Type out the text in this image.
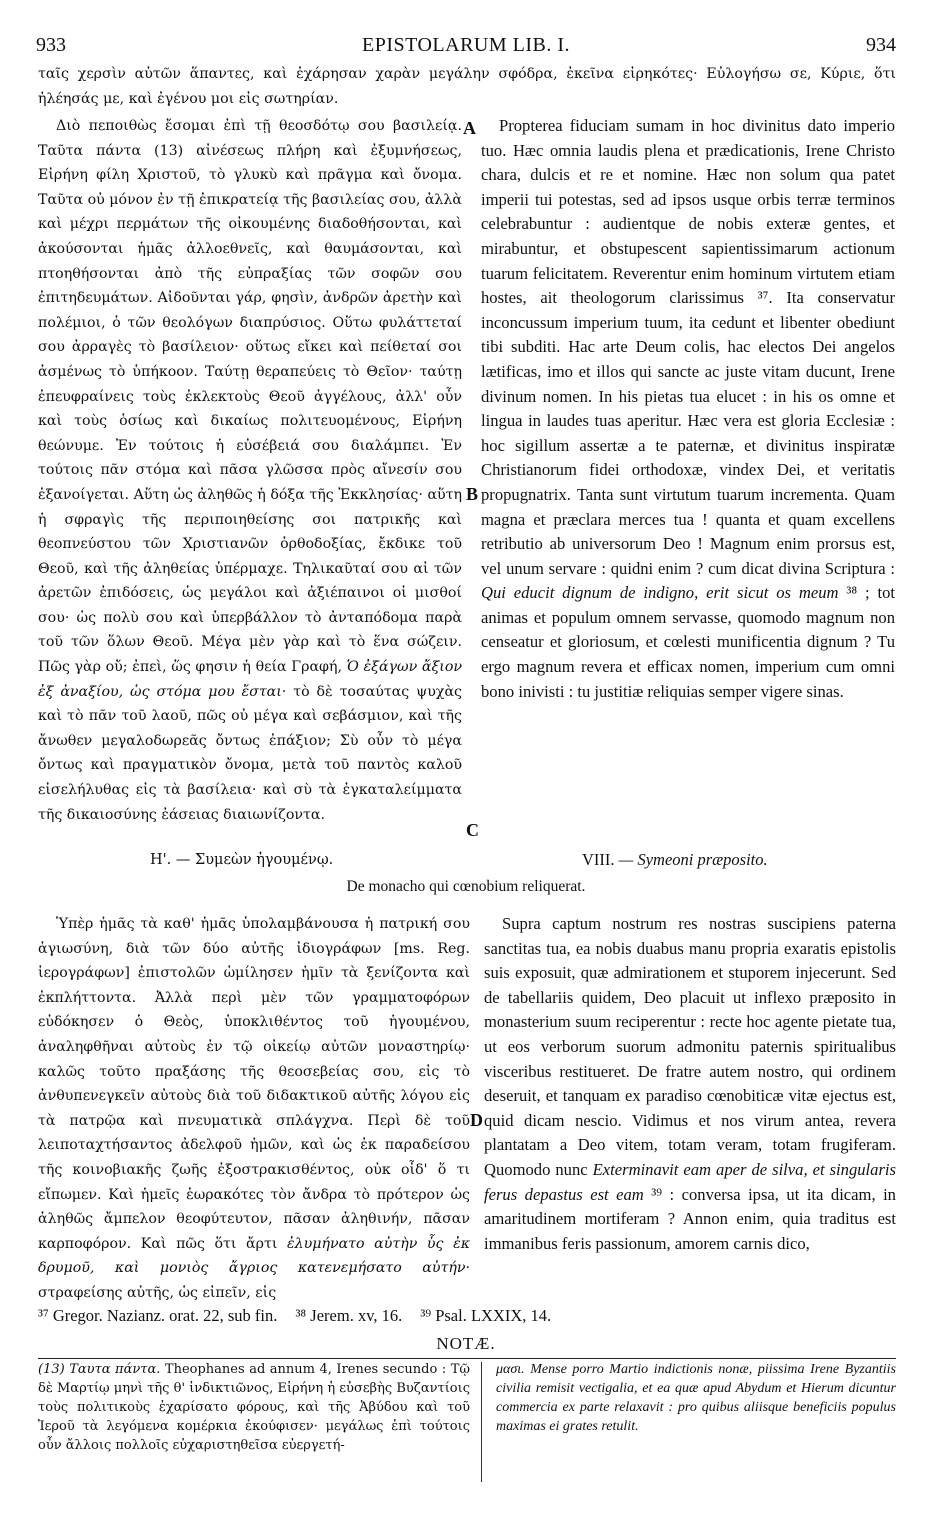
933	EPISTOLARUM LIB. I.	934

ταῖς χερσὶν αὐτῶν ἅπαντες, καὶ ἐχάρησαν χαρὰν μεγάλην σφόδρα, ἐκεῖνα εἰρηκότες· Εὐλογήσω σε, Κύριε, ὅτι ἠλέησάς με, καὶ ἐγένου μοι εἰς σωτηρίαν.

Διὸ πεποιθὼς ἔσομαι ἐπὶ τῇ θεοσδότῳ σου βασιλείᾳ. Ταῦτα πάντα (13) αἰνέσεως πλήρη καὶ ἐξυμνήσεως, Εἰρήνη φίλη Χριστοῦ, τὸ γλυκὺ καὶ πρᾶγμα καὶ ὄνομα. Ταῦτα οὐ μόνον ἐν τῇ ἐπικρατείᾳ τῆς βασιλείας σου, ἀλλὰ καὶ μέχρι περμάτων τῆς οἰκουμένης διαδοθήσονται, καὶ ἀκούσονται ἡμᾶς ἀλλοεθνεῖς, καὶ θαυμάσονται, καὶ πτοηθήσονται ἀπὸ τῆς εὐπραξίας τῶν σοφῶν σου ἐπιτηδευμάτων. Αἰδοῦνται γάρ, φησὶν, ἀνδρῶν ἀρετὴν καὶ πολέμιοι, ὁ τῶν θεολόγων διαπρύσιος. Οὕτω φυλάττεταί σου ἀρραγὲς τὸ βασίλειον· οὕτως εἴκει καὶ πείθεταί σοι ἀσμένως τὸ ὑπήκοον. Ταύτῃ θεραπεύεις τὸ Θεῖον· ταύτῃ ἐπευφραίνεις τοὺς ἐκλεκτοὺς Θεοῦ ἀγγέλους, ἀλλ' οὖν καὶ τοὺς ὁσίως καὶ δικαίως πολιτευομένους, Εἰρήνη θεώνυμε. Ἐν τούτοις ἡ εὐσέβειά σου διαλάμπει. Ἐν τούτοις πᾶν στόμα καὶ πᾶσα γλῶσσα πρὸς αἴνεσίν σου ἐξανοίγεται. Αὕτη ὡς ἀληθῶς ἡ δόξα τῆς Ἐκκλησίας· αὕτη ἡ σφραγὶς τῆς περιποιηθείσης σοι πατρικῆς καὶ θεοπνεύστου τῶν Χριστιανῶν ὀρθοδοξίας, ἔκδικε τοῦ Θεοῦ, καὶ τῆς ἀληθείας ὑπέρμαχε. Τηλικαῦταί σου αἱ τῶν ἀρετῶν ἐπιδόσεις, ὡς μεγάλοι καὶ ἀξιέπαινοι οἱ μισθοί σου· ὡς πολὺ σου καὶ ὑπερβάλλον τὸ ἀνταπόδομα παρὰ τοῦ τῶν ὅλων Θεοῦ. Μέγα μὲν γὰρ καὶ τὸ ἕνα σώζειν. Πῶς γὰρ οὔ; ἐπεὶ, ὥς φησιν ἡ θεία Γραφή, Ὁ ἐξάγων ἄξιον ἐξ ἀναξίου, ὡς στόμα μου ἔσται· τὸ δὲ τοσαύτας ψυχὰς καὶ τὸ πᾶν τοῦ λαοῦ, πῶς οὐ μέγα καὶ σεβάσμιον, καὶ τῆς ἄνωθεν μεγαλοδωρεᾶς ὄντως ἐπάξιον; Σὺ οὖν τὸ μέγα ὄντως καὶ πραγματικὸν ὄνομα, μετὰ τοῦ παντὸς καλοῦ εἰσελήλυθας εἰς τὰ βασίλεια· καὶ σὺ τὰ ἐγκαταλείμματα τῆς δικαιοσύνης ἐάσειας διαιωνίζοντα.

Propterea fiduciam sumam in hoc divinitus dato imperio tuo. Hæc omnia laudis plena et prædicationis, Irene Christo chara, dulcis et re et nomine. Hæc non solum qua patet imperii tui potestas, sed ad ipsos usque orbis terræ terminos celebrabuntur : audientque de nobis exteræ gentes, et mirabuntur, et obstupescent sapientissimarum actionum tuarum felicitatem. Reverentur enim hominum virtutem etiam hostes, ait theologorum clarissimus ³⁷. Ita conservatur inconcussum imperium tuum, ita cedunt et libenter obediunt tibi subditi. Hac arte Deum colis, hac electos Dei angelos lætificas, imo et illos qui sancte ac juste vitam ducunt, Irene divinum nomen. In his pietas tua elucet : in his os omne et lingua in laudes tuas aperitur. Hæc vera est gloria Ecclesiæ : hoc sigillum assertæ a te paternæ, et divinitus inspiratæ Christianorum fidei orthodoxæ, vindex Dei, et veritatis propugnatrix. Tanta sunt virtutum tuarum incrementa. Quam magna et præclara merces tua ! quanta et quam excellens retributio ab universorum Deo ! Magnum enim prorsus est, vel unum servare : quidni enim ? cum dicat divina Scriptura : Qui educit dignum de indigno, erit sicut os meum ³⁸ ; tot animas et populum omnem servasse, quomodo magnum non censeatur et gloriosum, et cœlesti munificentia dignum ? Tu ergo magnum revera et efficax nomen, imperium cum omni bono inivisti : tu justitiæ reliquias semper vigere sinas.

A
B
C
D
Η'. — Συμεὼν ἡγουμένῳ.	VIII. — Symeoni præposito.
De monacho qui cœnobium reliquerat.

Ὑπὲρ ἡμᾶς τὰ καθ' ἡμᾶς ὑπολαμβάνουσα ἡ πατρική σου ἁγιωσύνη, διὰ τῶν δύο αὐτῆς ἰδιογράφων [ms. Reg. ἱερογράφων] ἐπιστολῶν ὡμίλησεν ἡμῖν τὰ ξενίζοντα καὶ ἐκπλήττοντα. Ἀλλὰ περὶ μὲν τῶν γραμματοφόρων εὐδόκησεν ὁ Θεὸς, ὑποκλιθέντος τοῦ ἡγουμένου, ἀναληφθῆναι αὐτοὺς ἐν τῷ οἰκείῳ αὐτῶν μοναστηρίῳ· καλῶς τοῦτο πραξάσης τῆς θεοσεβείας σου, εἰς τὸ ἀνθυπενεγκεῖν αὐτοὺς διὰ τοῦ διδακτικοῦ αὐτῆς λόγου εἰς τὰ πατρῷα καὶ πνευματικὰ σπλάγχνα. Περὶ δὲ τοῦ λειποταχτήσαντος ἀδελφοῦ ἡμῶν, καὶ ὡς ἐκ παραδείσου τῆς κοινοβιακῆς ζωῆς ἐξοστρακισθέντος, οὐκ οἶδ' ὅ τι εἴπωμεν. Καὶ ἡμεῖς ἑωρακότες τὸν ἄνδρα τὸ πρότερον ὡς ἀληθῶς ἄμπελον θεοφύτευτον, πᾶσαν ἀληθινήν, πᾶσαν καρποφόρον. Καὶ πῶς ὅτι ἄρτι ἐλυμήνατο αὐτὴν ὗς ἐκ δρυμοῦ, καὶ μονιὸς ἄγριος κατενεμήσατο αὐτήν· στραφείσης αὐτῆς, ὡς εἰπεῖν, εἰς

Supra captum nostrum res nostras suscipiens paterna sanctitas tua, ea nobis duabus manu propria exaratis epistolis suis exposuit, quæ admirationem et stuporem injecerunt. Sed de tabellariis quidem, Deo placuit ut inflexo præposito in monasterium suum reciperentur : recte hoc agente pietate tua, ut eos verborum suorum admonitu paternis spiritualibus visceribus restitueret. De fratre autem nostro, qui ordinem deseruit, et tanquam ex paradiso cœnobiticæ vitæ ejectus est, quid dicam nescio. Vidimus et nos virum antea, revera plantatam a Deo vitem, totam veram, totam frugiferam. Quomodo nunc Exterminavit eam aper de silva, et singularis ferus depastus est eam ³⁹ : conversa ipsa, ut ita dicam, in amaritudinem mortiferam ? Annon enim, quia traditus est immanibus feris passionum, amorem carnis dico,

³⁷ Gregor. Nazianz. orat. 22, sub fin. ³⁸ Jerem. xv, 16. ³⁹ Psal. LXXIX, 14.
NOTÆ.

(13) Ταυτα πάντα. Theophanes ad annum 4, Irenes secundo : Τῷ δὲ Μαρτίῳ μηνὶ τῆς θ' ἰνδικτιῶνος, Εἰρήνη ἡ εὐσεβὴς Βυζαντίοις τοὺς πολιτικοὺς ἐχαρίσατο φόρους, καὶ τῆς Ἀβύδου καὶ τοῦ Ἱεροῦ τὰ λεγόμενα κομέρκια ἐκούφισεν· μεγάλως ἐπὶ τούτοις οὖν ἄλλοις πολλοῖς εὐχαριστηθεῖσα εὐεργετή-

μασι. Mense porro Martio indictionis nonæ, piissima Irene Byzantiis civilia remisit vectigalia, et ea quæ apud Abydum et Hierum dicuntur commercia ex parte relaxavit : pro quibus aliisque beneficiis populus maximas ei grates retulit.
